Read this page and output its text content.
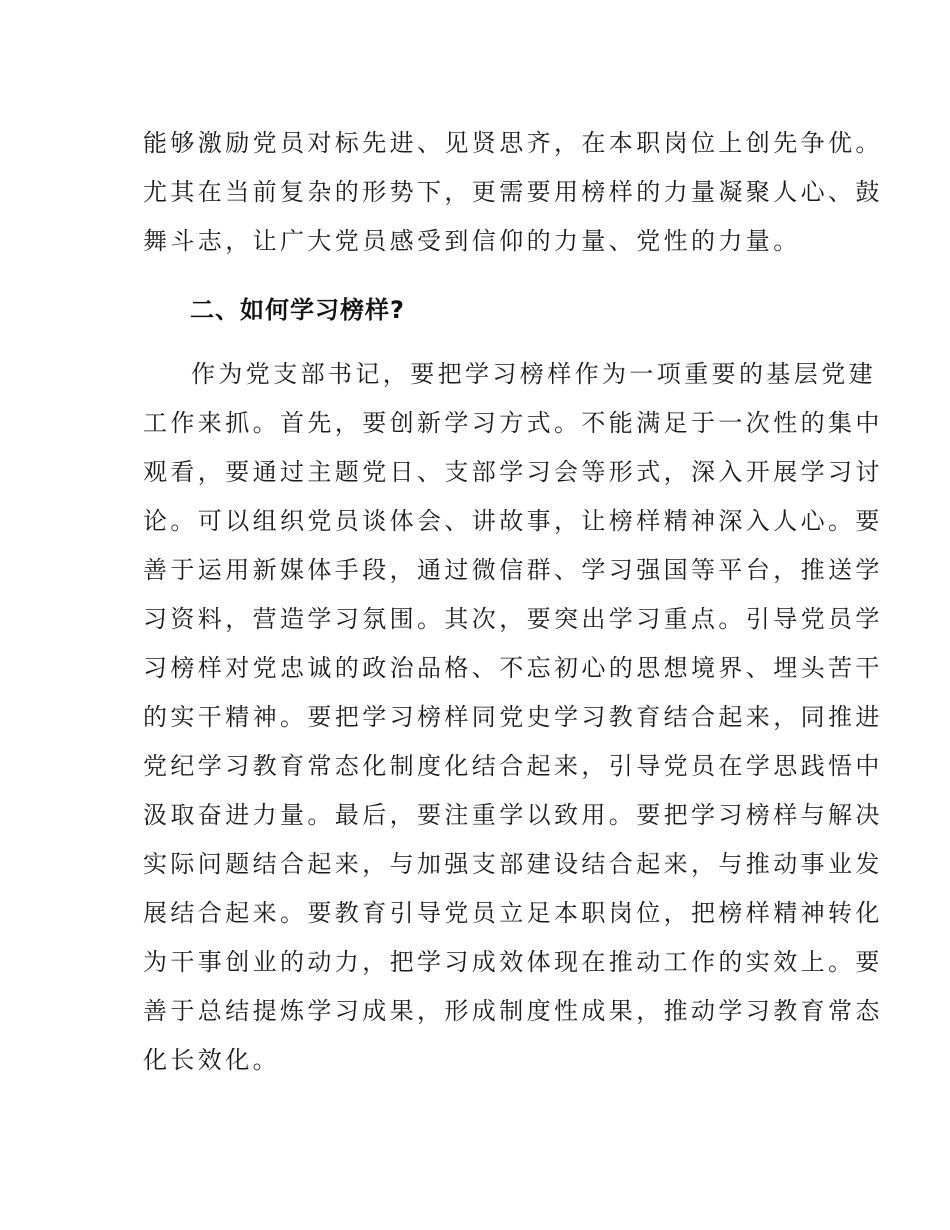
能够激励党员对标先进、见贤思齐，在本职岗位上创先争优。
尤其在当前复杂的形势下，更需要用榜样的力量凝聚人心、鼓
舞斗志，让广大党员感受到信仰的力量、党性的力量。
二、如何学习榜样?
作为党支部书记，要把学习榜样作为一项重要的基层党建
工作来抓。首先，要创新学习方式。不能满足于一次性的集中
观看，要通过主题党日、支部学习会等形式，深入开展学习讨
论。可以组织党员谈体会、讲故事，让榜样精神深入人心。要
善于运用新媒体手段，通过微信群、学习强国等平台，推送学
习资料，营造学习氛围。其次，要突出学习重点。引导党员学
习榜样对党忠诚的政治品格、不忘初心的思想境界、埋头苦干
的实干精神。要把学习榜样同党史学习教育结合起来，同推进
党纪学习教育常态化制度化结合起来，引导党员在学思践悟中
汲取奋进力量。最后，要注重学以致用。要把学习榜样与解决
实际问题结合起来，与加强支部建设结合起来，与推动事业发
展结合起来。要教育引导党员立足本职岗位，把榜样精神转化
为干事创业的动力，把学习成效体现在推动工作的实效上。要
善于总结提炼学习成果，形成制度性成果，推动学习教育常态
化长效化。
